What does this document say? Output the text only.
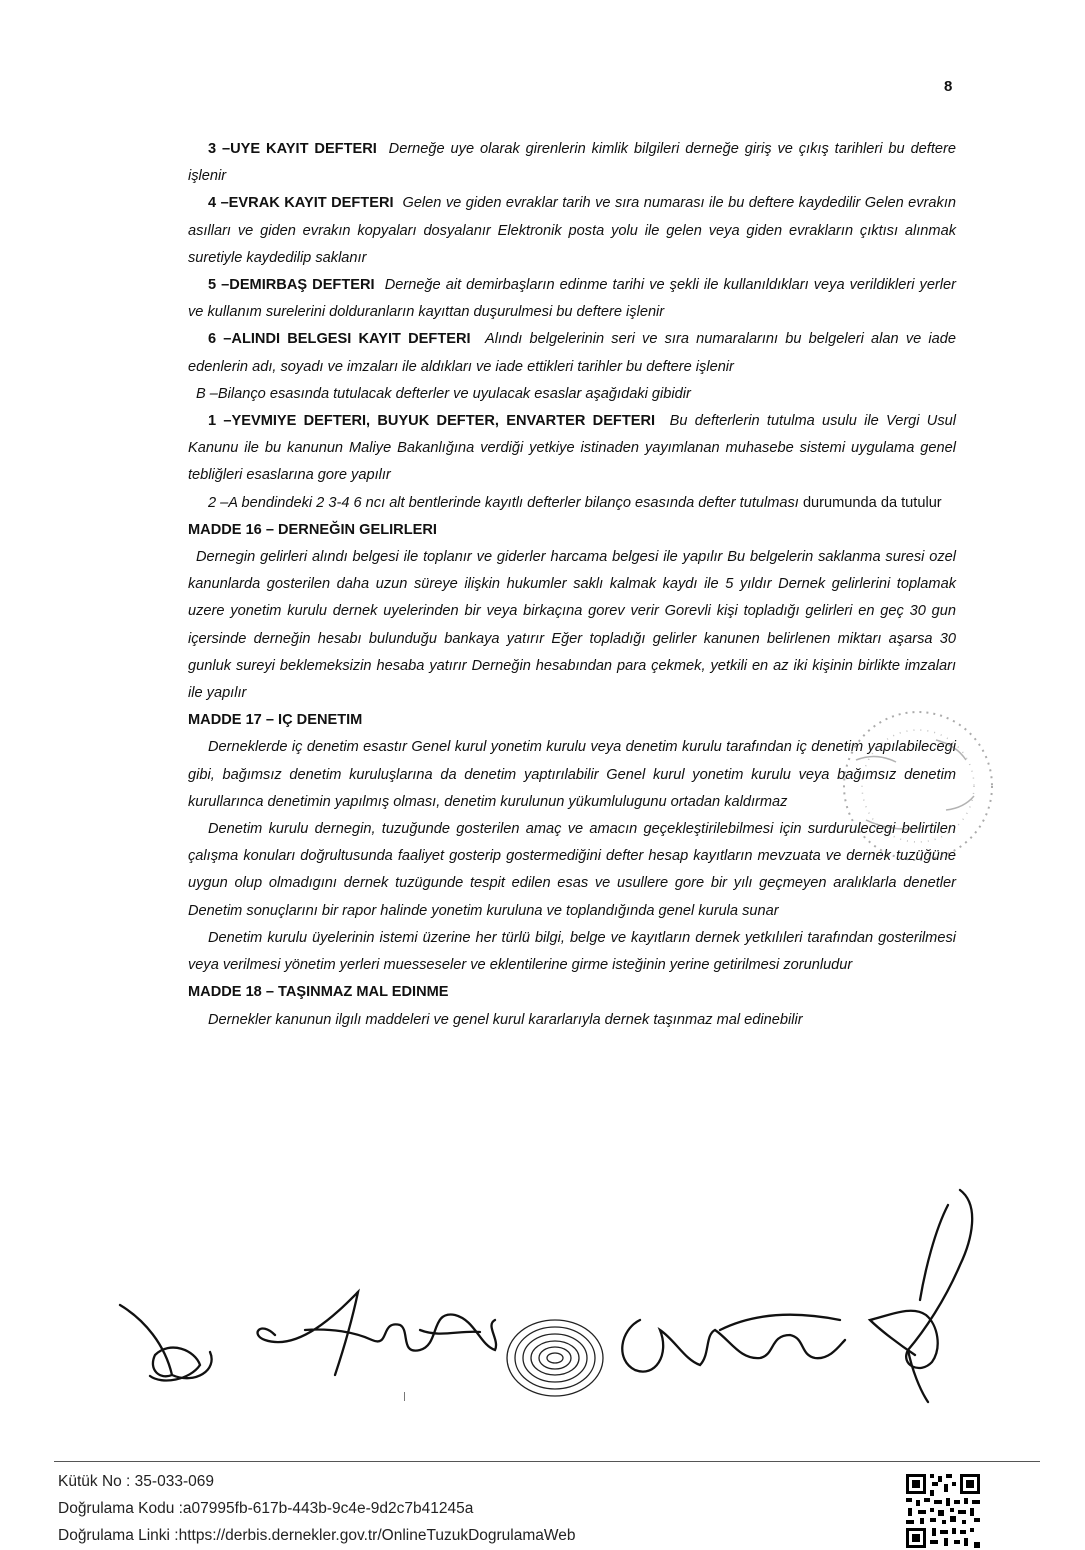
8

3 –UYE KAYIT DEFTERI Derneğe uye olarak girenlerin kimlik bilgileri derneğe giriş ve çıkış tarihleri bu deftere işlenir

4 –EVRAK KAYIT DEFTERI Gelen ve giden evraklar tarih ve sıra numarası ile bu deftere kaydedilir Gelen evrakın asılları ve giden evrakın kopyaları dosyalanır Elektronik posta yolu ile gelen veya giden evrakların çıktısı alınmak suretiyle kaydedilip saklanır

5 –DEMIRBAŞ DEFTERI Derneğe ait demirbaşların edinme tarihi ve şekli ile kullanıldıkları veya verildikleri yerler ve kullanım surelerini dolduranların kayıttan duşurulmesi bu deftere işlenir

6 –ALINDI BELGESI KAYIT DEFTERI Alındı belgelerinin seri ve sıra numaralarını bu belgeleri alan ve iade edenlerin adı, soyadı ve imzaları ile aldıkları ve iade ettikleri tarihler bu deftere işlenir

B –Bilanço esasında tutulacak defterler ve uyulacak esaslar aşağıdaki gibidir

1 –YEVMIYE DEFTERI, BUYUK DEFTER, ENVARTER DEFTERI Bu defterlerin tutulma usulu ile Vergi Usul Kanunu ile bu kanunun Maliye Bakanlığına verdiği yetkiye istinaden yayımlanan muhasebe sistemi uygulama genel tebliğleri esaslarına gore yapılır

2 –A bendindeki 2 3-4 6 ncı alt bentlerinde kayıtlı defterler bilanço esasında defter tutulması durumunda da tutulur

MADDE 16 – DERNEĞIN GELIRLERI

Dernegin gelirleri alındı belgesi ile toplanır ve giderler harcama belgesi ile yapılır Bu belgelerin saklanma suresi ozel kanunlarda gosterilen daha uzun süreye ilişkin hukumler saklı kalmak kaydı ile 5 yıldır Dernek gelirlerini toplamak uzere yonetim kurulu dernek uyelerinden bir veya birkaçına gorev verir Gorevli kişi topladığı gelirleri en geç 30 gun içersinde derneğin hesabı bulunduğu bankaya yatırır Eğer topladığı gelirler kanunen belirlenen miktarı aşarsa 30 gunluk sureyi beklemeksizin hesaba yatırır Derneğin hesabından para çekmek, yetkili en az iki kişinin birlikte imzaları ile yapılır

MADDE 17 – IÇ DENETIM

Derneklerde iç denetim esastır Genel kurul yonetim kurulu veya denetim kurulu tarafından iç denetim yapılabilecegi gibi, bağımsız denetim kuruluşlarına da denetim yaptırılabilir Genel kurul yonetim kurulu veya bağımsız denetim kurullarınca denetimin yapılmış olması, denetim kurulunun yükumlulugunu ortadan kaldırmaz

Denetim kurulu dernegin, tuzuğunde gosterilen amaç ve amacın geçekleştirilebilmesi için surdurulecegi belirtilen çalışma konuları doğrultusunda faaliyet gosterip gostermediğini defter hesap kayıtların mevzuata ve dernek tuzüğüne uygun olup olmadıgını dernek tuzügunde tespit edilen esas ve usullere gore bir yılı geçmeyen aralıklarla denetler Denetim sonuçlarını bir rapor halinde yonetim kuruluna ve toplandığında genel kurula sunar

Denetim kurulu üyelerinin istemi üzerine her türlü bilgi, belge ve kayıtların dernek yetkılıleri tarafından gosterilmesi veya verilmesi yönetim yerleri muesseseler ve eklentilerine girme isteğinin yerine getirilmesi zorunludur

MADDE 18 – TAŞINMAZ MAL EDINME

Dernekler kanunun ilgılı maddeleri ve genel kurul kararlarıyla dernek taşınmaz mal edinebilir

Kütük No : 35-033-069
Doğrulama Kodu :a07995fb-617b-443b-9c4e-9d2c7b41245a
Doğrulama Linki :https://derbis.dernekler.gov.tr/OnlineTuzukDogrulamaWeb
